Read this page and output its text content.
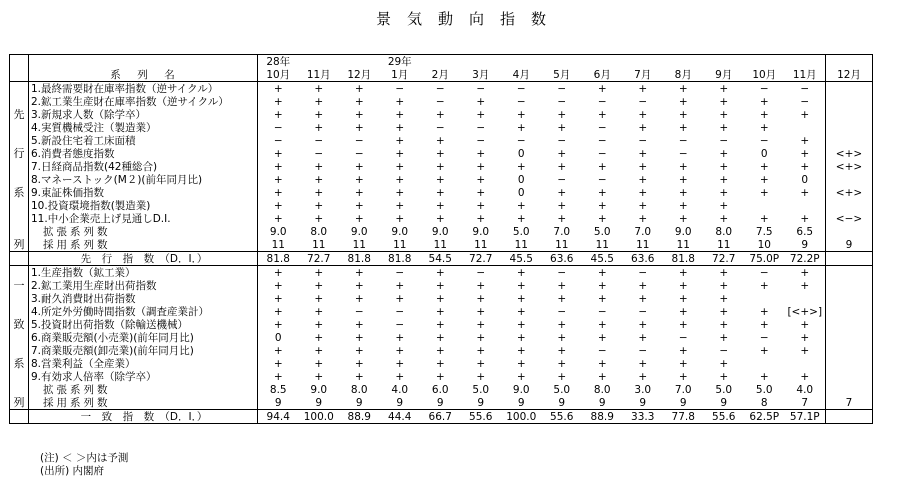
景気動向指数
		28年			29年											
	系　列　名	10月	11月	12月	1月	2月	3月	4月	5月	6月	7月	8月	9月	10月	11月	12月
	1.最終需要財在庫率指数（逆サイクル）	+	+	+	−	−	−	−	−	+	+	+	+	−	−	
	2.鉱工業生産財在庫率指数（逆サイクル）	+	+	+	+	−	+	−	−	−	−	+	+	+	−	
先	3.新規求人数（除学卒）	+	+	+	+	+	+	+	+	+	+	+	+	+	+	
	4.実質機械受注（製造業）	−	+	+	+	−	−	+	+	−	+	+	+	+		
	5.新設住宅着工床面積	−	−	−	+	+	−	−	−	−	−	−	−	−	+	
行	6.消費者態度指数	+	−	−	+	+	+	0	+	−	+	−	+	0	+	<+>
	7.日経商品指数(42種総合)	+	+	+	+	+	+	+	+	+	+	+	+	+	+	<+>
	8.マネーストック(M２)(前年同月比)	+	+	+	+	+	+	0	−	−	+	+	+	+	0	
系	9.東証株価指数	+	+	+	+	+	+	0	+	+	+	+	+	+	+	<+>
	10.投資環境指数(製造業)	+	+	+	+	+	+	+	+	+	+	+	+			
	11.中小企業売上げ見通しD.I.	+	+	+	+	+	+	+	+	+	+	+	+	+	+	<−>
	拡張系列数	9.0	8.0	9.0	9.0	9.0	9.0	5.0	7.0	5.0	7.0	9.0	8.0	7.5	6.5	
列	採用系列数	11	11	11	11	11	11	11	11	11	11	11	11	10	9	9
	先　行　指　数　（D．I．）	81.8	72.7	81.8	81.8	54.5	72.7	45.5	63.6	45.5	63.6	81.8	72.7	75.0P	72.2P	
	1.生産指数（鉱工業）	+	+	+	−	+	−	+	−	+	−	+	+	−	+	
一	2.鉱工業用生産財出荷指数	+	+	+	+	+	+	+	+	+	+	+	+	+	+	
	3.耐久消費財出荷指数	+	+	+	+	+	+	+	+	+	+	+	+			
	4.所定外労働時間指数（調査産業計）	+	+	−	−	+	+	+	−	−	−	+	+	+	[<+>]	
致	5.投資財出荷指数（除輸送機械）	+	+	+	−	+	+	+	+	+	+	+	+	+	+	
	6.商業販売額(小売業)(前年同月比)	0	+	+	+	+	+	+	+	+	+	−	+	−	+	
	7.商業販売額(卸売業)(前年同月比)	+	+	+	+	+	+	+	+	−	−	+	−	+	+	
系	8.営業利益（全産業）	+	+	+	+	+	+	+	+	+	+	+	+			
	9.有効求人倍率（除学卒）	+	+	+	+	+	+	+	+	+	+	+	+	+	+	
	拡張系列数	8.5	9.0	8.0	4.0	6.0	5.0	9.0	5.0	8.0	3.0	7.0	5.0	5.0	4.0	
列	採用系列数	9	9	9	9	9	9	9	9	9	9	9	9	8	7	7
	一　致　指　数　（D．I．）	94.4	100.0	88.9	44.4	66.7	55.6	100.0	55.6	88.9	33.3	77.8	55.6	62.5P	57.1P	
(注) ＜ ＞内は予測
(出所) 内閣府
